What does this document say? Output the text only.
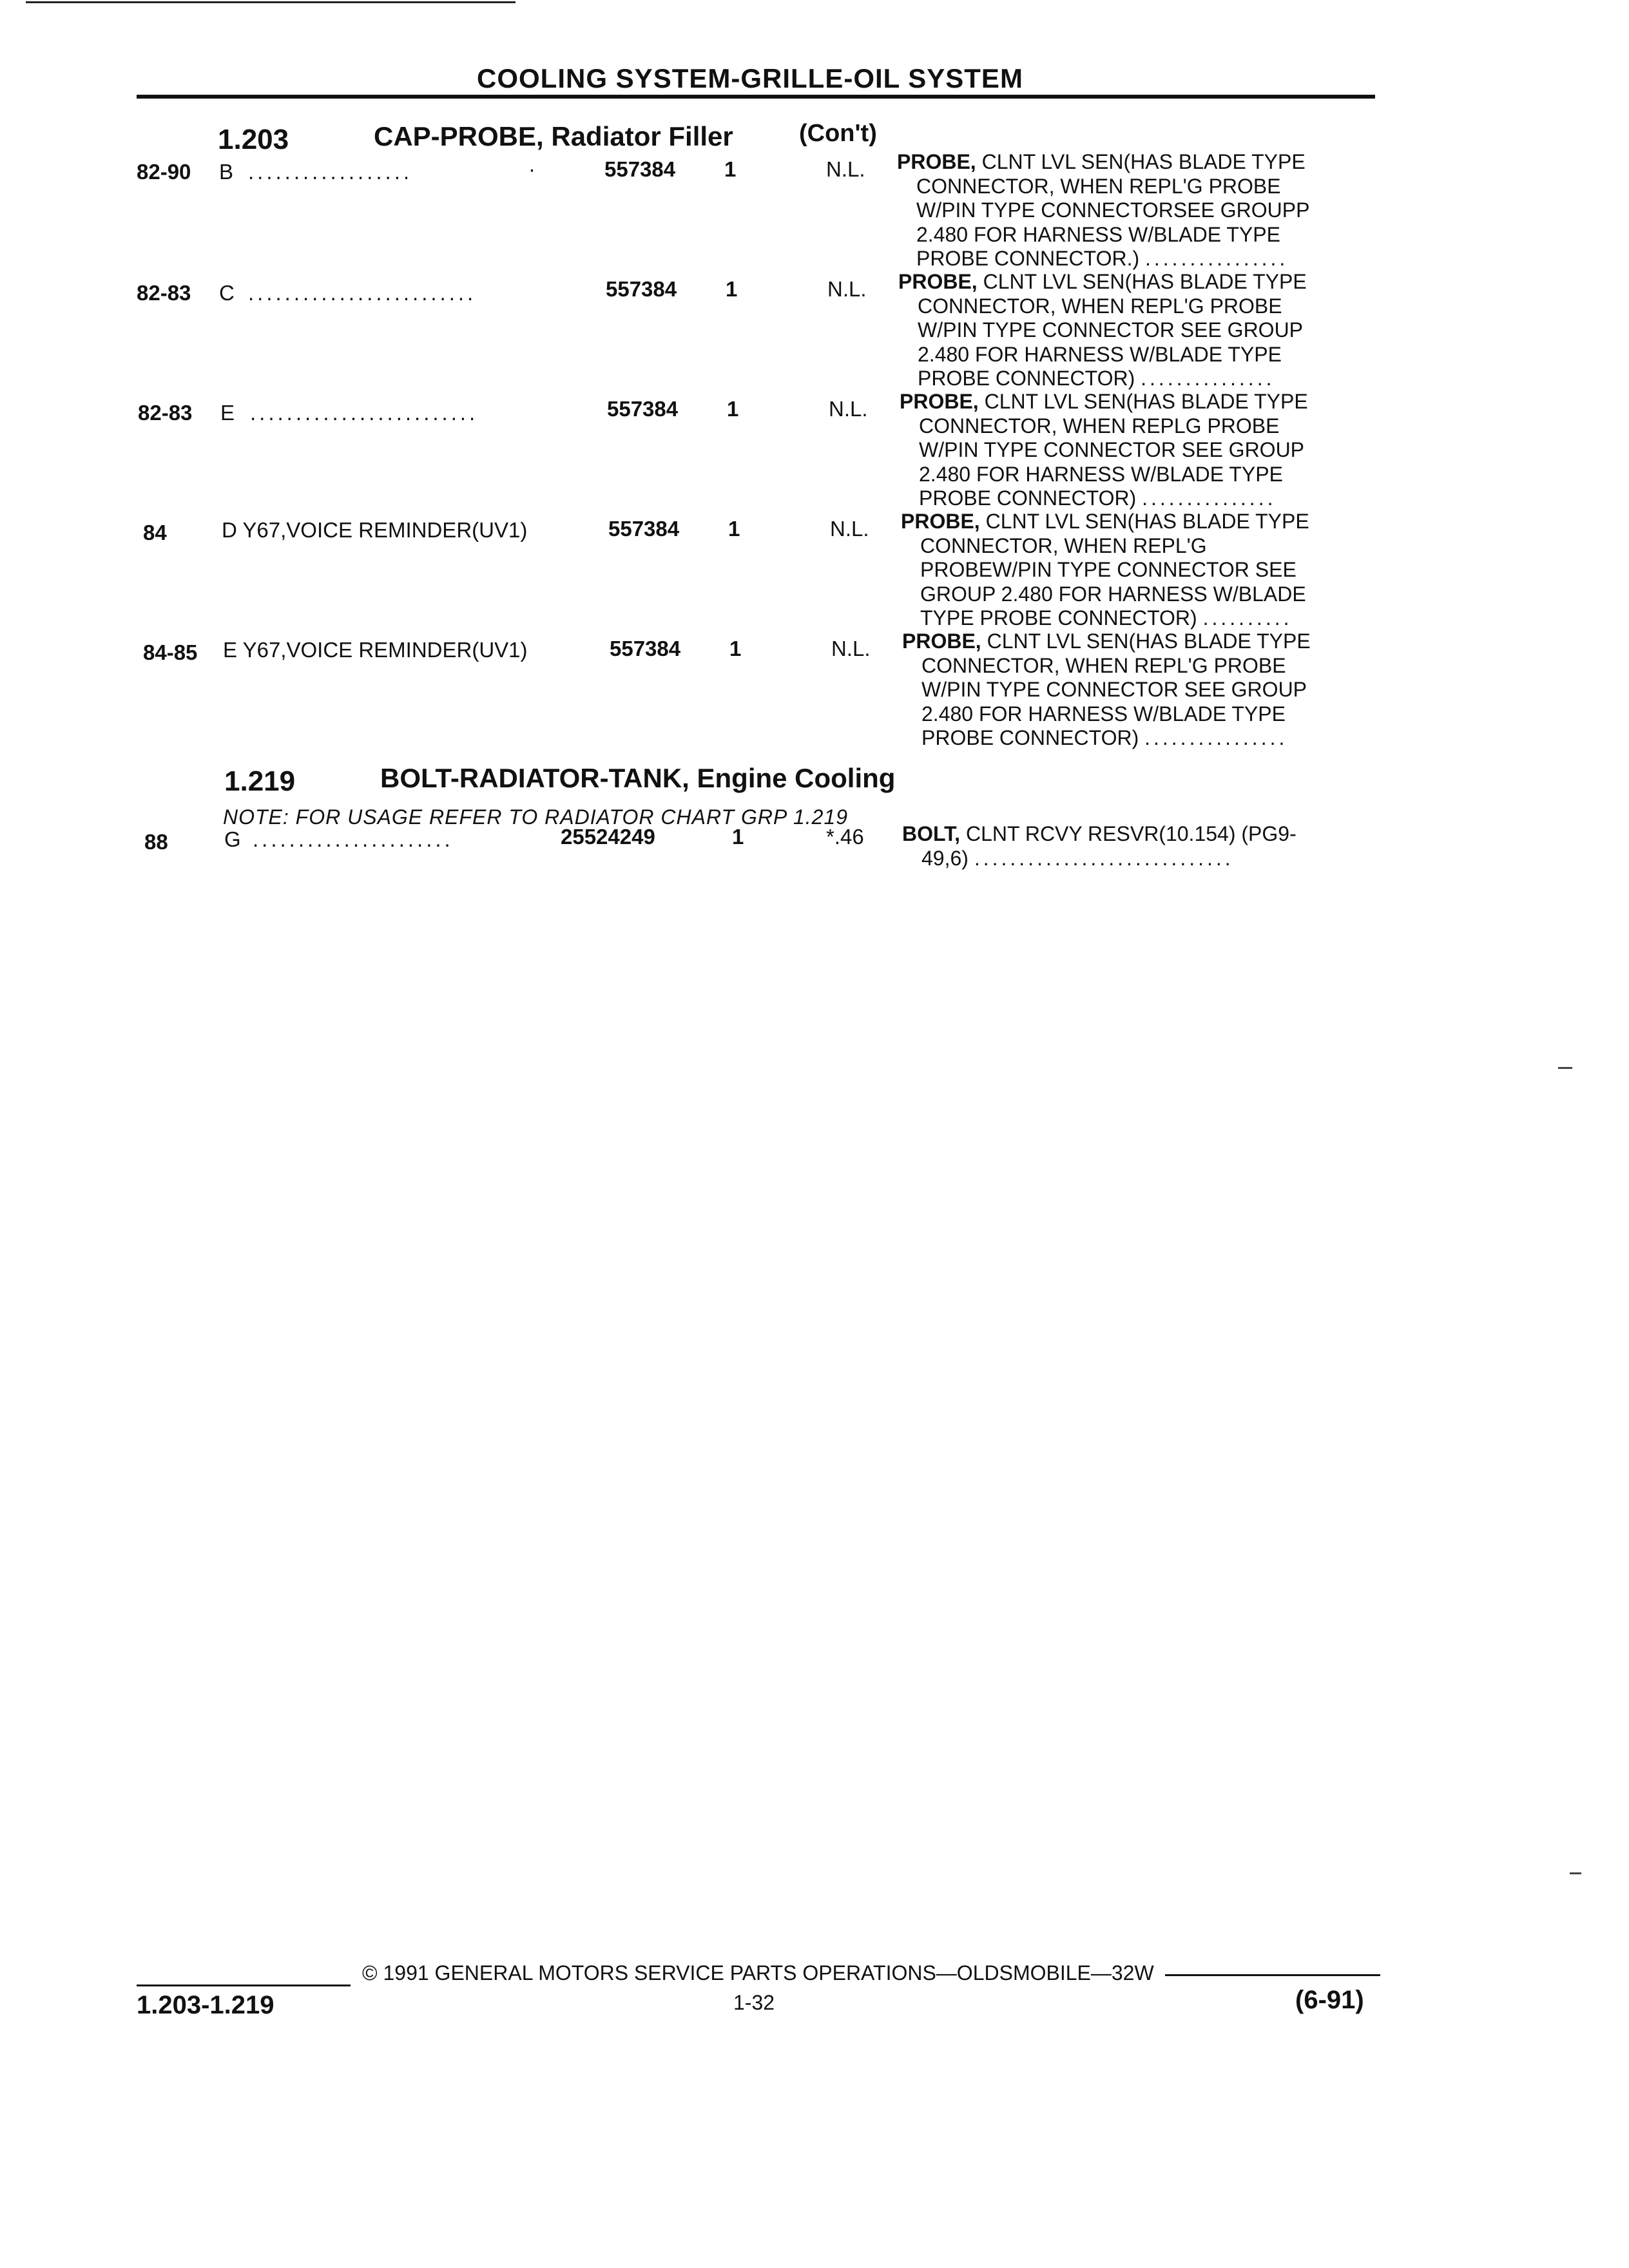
COOLING SYSTEM-GRILLE-OIL SYSTEM
1.203	CAP-PROBE, Radiator Filler	(Con't)
82-90 B ..................	·	557384 1	N.L. PROBE, CLNT LVL SEN(HAS BLADE TYPE
CONNECTOR, WHEN REPL'G PROBE
W/PIN TYPE CONNECTORSEE GROUPP
2.480 FOR HARNESS W/BLADE TYPE
PROBE CONNECTOR.) ................
82-83 C .........................	557384 1	N.L. PROBE, CLNT LVL SEN(HAS BLADE TYPE
CONNECTOR, WHEN REPL'G PROBE
W/PIN TYPE CONNECTOR SEE GROUP
2.480 FOR HARNESS W/BLADE TYPE
PROBE CONNECTOR) ...............
82-83 E .........................	557384 1	N.L. PROBE, CLNT LVL SEN(HAS BLADE TYPE
CONNECTOR, WHEN REPLG PROBE
W/PIN TYPE CONNECTOR SEE GROUP
2.480 FOR HARNESS W/BLADE TYPE
PROBE CONNECTOR) ...............
84	D Y67,VOICE REMINDER(UV1)	557384 1	N.L. PROBE, CLNT LVL SEN(HAS BLADE TYPE
CONNECTOR, WHEN REPL'G
PROBEW/PIN TYPE CONNECTOR SEE
GROUP 2.480 FOR HARNESS W/BLADE
TYPE PROBE CONNECTOR) ..........
84-85 E Y67,VOICE REMINDER(UV1)	557384 1	N.L. PROBE, CLNT LVL SEN(HAS BLADE TYPE
CONNECTOR, WHEN REPL'G PROBE
W/PIN TYPE CONNECTOR SEE GROUP
2.480 FOR HARNESS W/BLADE TYPE
PROBE CONNECTOR) ................
1.219	BOLT-RADIATOR-TANK, Engine Cooling
NOTE: FOR USAGE REFER TO RADIATOR CHART GRP 1.219
88	G ......................	25524249	1	*.46 BOLT, CLNT RCVY RESVR(10.154) (PG9-
49,6) .............................
© 1991 GENERAL MOTORS SERVICE PARTS OPERATIONS—OLDSMOBILE—32W
1.203-1.219	1-32	(6-91)
